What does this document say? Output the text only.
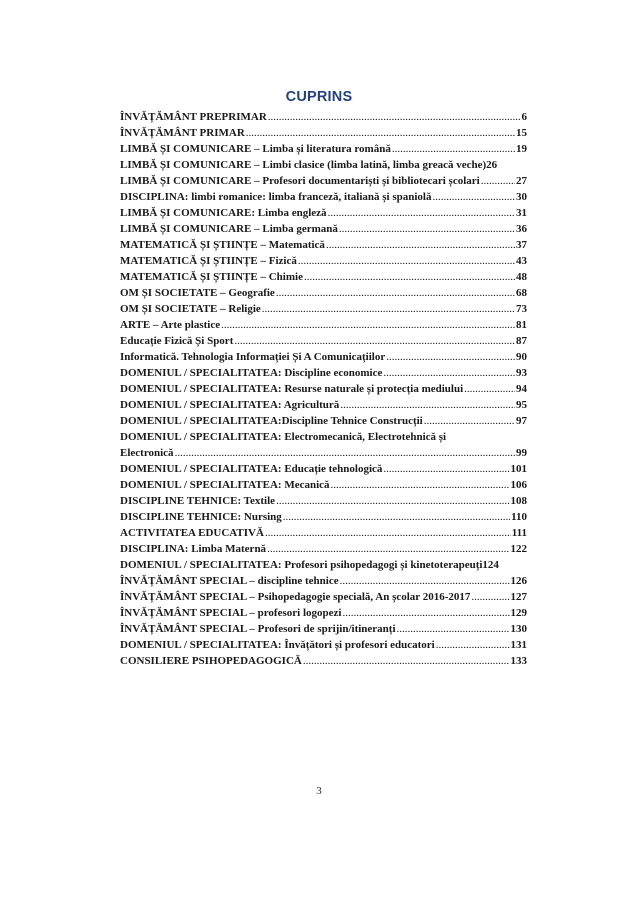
CUPRINS
ÎNVĂȚĂMÂNT PREPRIMAR .....	6
ÎNVĂȚĂMÂNT PRIMAR .....	15
LIMBĂ ȘI COMUNICARE – Limba și literatura română .....	19
LIMBĂ ȘI COMUNICARE – Limbi clasice (limba latină, limba greacă veche) 26
LIMBĂ ȘI COMUNICARE – Profesori documentariști și bibliotecari școlari .....	27
DISCIPLINA: limbi romanice: limba franceză, italiană și spaniolă .....	30
LIMBĂ ȘI COMUNICARE: Limba engleză .....	31
LIMBĂ ȘI COMUNICARE – Limba germană .....	36
MATEMATICĂ ȘI ȘTIINȚE – Matematică .....	37
MATEMATICĂ ȘI ȘTIINȚE – Fizică .....	43
MATEMATICĂ ȘI ȘTIINȚE – Chimie .....	48
OM ȘI SOCIETATE – Geografie .....	68
OM ȘI SOCIETATE – Religie .....	73
ARTE – Arte plastice .....	81
Educație Fizică Și Sport .....	87
Informatică. Tehnologia Informației Și A Comunicațiilor .....	90
DOMENIUL / SPECIALITATEA: Discipline economice .....	93
DOMENIUL / SPECIALITATEA: Resurse naturale și protecția mediului .....	94
DOMENIUL / SPECIALITATEA: Agricultură .....	95
DOMENIUL / SPECIALITATEA:Discipline Tehnice Construcții .....	97
DOMENIUL / SPECIALITATEA: Electromecanică, Electrotehnică și
Electronică .....	99
DOMENIUL / SPECIALITATEA: Educație tehnologică .....	101
DOMENIUL / SPECIALITATEA: Mecanică .....	106
DISCIPLINE TEHNICE: Textile .....	108
DISCIPLINE TEHNICE: Nursing .....	110
ACTIVITATEA EDUCATIVĂ .....	111
DISCIPLINA: Limba Maternă .....	122
DOMENIUL / SPECIALITATEA: Profesori psihopedagogi și kinetoterapeuți 124
ÎNVĂȚĂMÂNT SPECIAL – discipline tehnice .....	126
ÎNVĂȚĂMÂNT SPECIAL – Psihopedagogie specială, An școlar 2016-2017 .....	127
ÎNVĂȚĂMÂNT SPECIAL – profesori logopezi .....	129
ÎNVĂȚĂMÂNT SPECIAL – Profesori de sprijin/itineranți .....	130
DOMENIUL / SPECIALITATEA: Învățători și profesori educatori .....	131
CONSILIERE PSIHOPEDAGOGICĂ .....	133
3
